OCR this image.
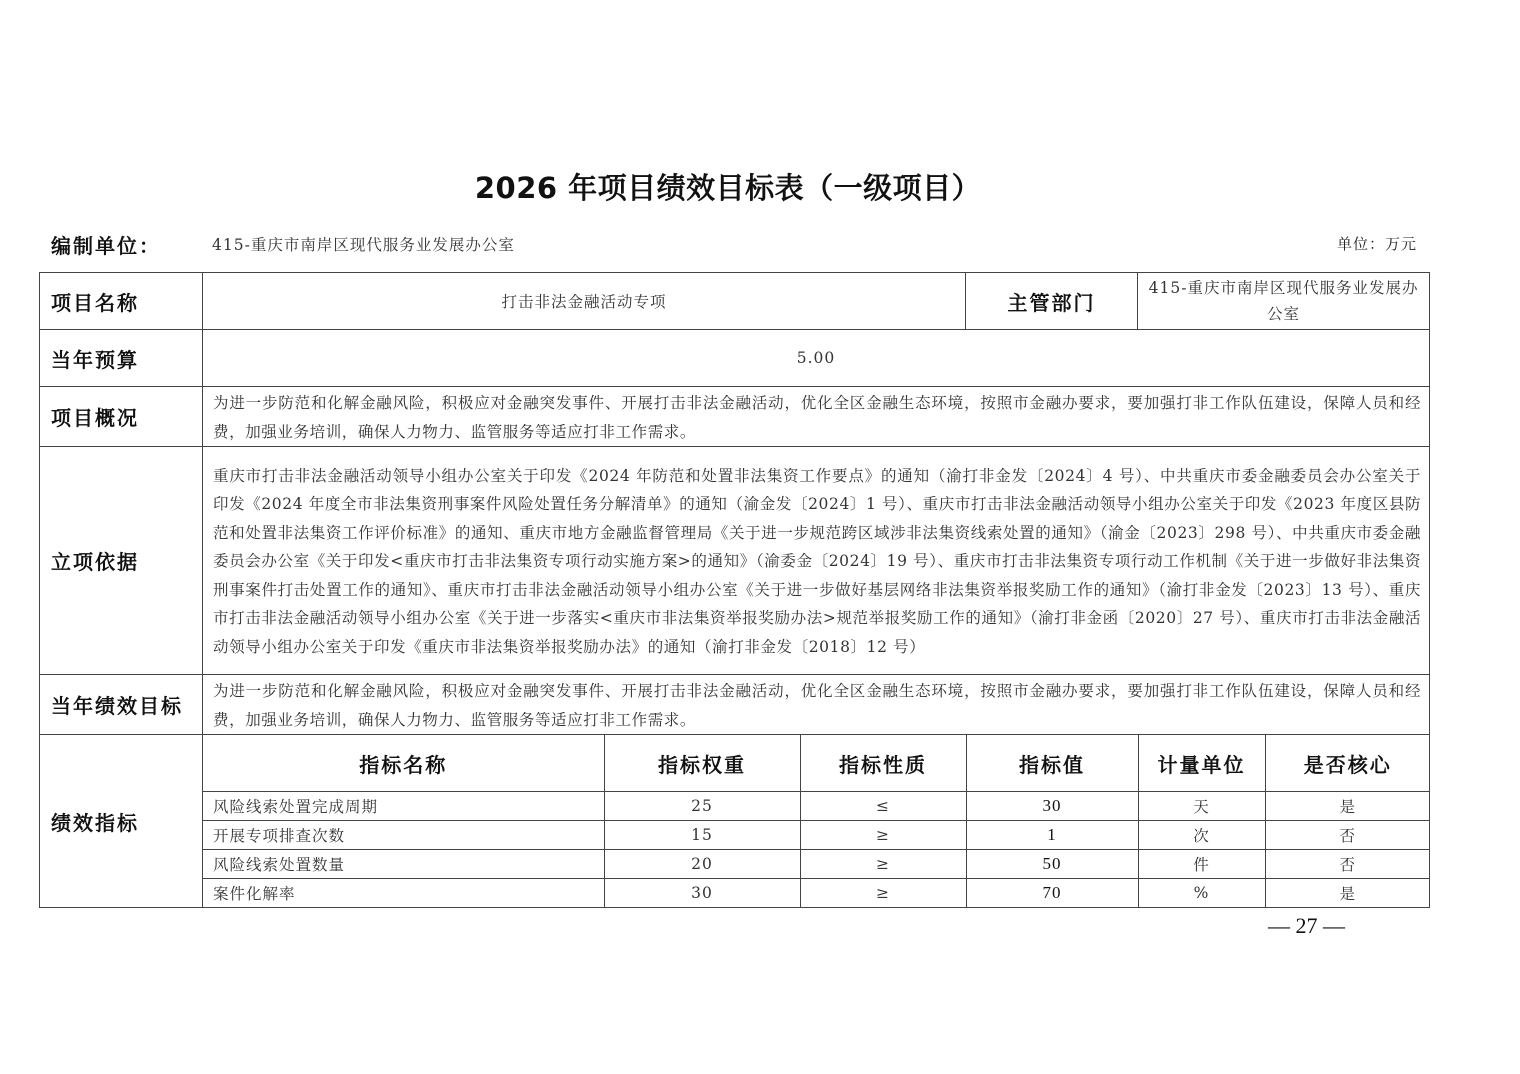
2026 年项目绩效目标表（一级项目）
编制单位：	415-重庆市南岸区现代服务业发展办公室	单位：万元
项目名称	打击非法金融活动专项	主管部门	415-重庆市南岸区现代服务业发展办公室
当年预算	5.00
项目概况	为进一步防范和化解金融风险，积极应对金融突发事件、开展打击非法金融活动，优化全区金融生态环境，按照市金融办要求，要加强打非工作队伍建设，保障人员和经费，加强业务培训，确保人力物力、监管服务等适应打非工作需求。
立项依据	重庆市打击非法金融活动领导小组办公室关于印发《2024 年防范和处置非法集资工作要点》的通知（渝打非金发〔2024〕4 号）、中共重庆市委金融委员会办公室关于印发《2024 年度全市非法集资刑事案件风险处置任务分解清单》的通知（渝金发〔2024〕1 号）、重庆市打击非法金融活动领导小组办公室关于印发《2023 年度区县防范和处置非法集资工作评价标准》的通知、重庆市地方金融监督管理局《关于进一步规范跨区域涉非法集资线索处置的通知》（渝金〔2023〕298 号）、中共重庆市委金融委员会办公室《关于印发<重庆市打击非法集资专项行动实施方案>的通知》（渝委金〔2024〕19 号）、重庆市打击非法集资专项行动工作机制《关于进一步做好非法集资刑事案件打击处置工作的通知》、重庆市打击非法金融活动领导小组办公室《关于进一步做好基层网络非法集资举报奖励工作的通知》（渝打非金发〔2023〕13 号）、重庆市打击非法金融活动领导小组办公室《关于进一步落实<重庆市非法集资举报奖励办法>规范举报奖励工作的通知》（渝打非金函〔2020〕27 号）、重庆市打击非法金融活动领导小组办公室关于印发《重庆市非法集资举报奖励办法》的通知（渝打非金发〔2018〕12 号）
当年绩效目标	为进一步防范和化解金融风险，积极应对金融突发事件、开展打击非法金融活动，优化全区金融生态环境，按照市金融办要求，要加强打非工作队伍建设，保障人员和经费，加强业务培训，确保人力物力、监管服务等适应打非工作需求。
绩效指标	
指标名称	指标权重	指标性质	指标值	计量单位	是否核心
风险线索处置完成周期	25	≤	30	天	是
开展专项排查次数	15	≥	1	次	否
风险线索处置数量	20	≥	50	件	否
案件化解率	30	≥	70	%	是
— 27 —
